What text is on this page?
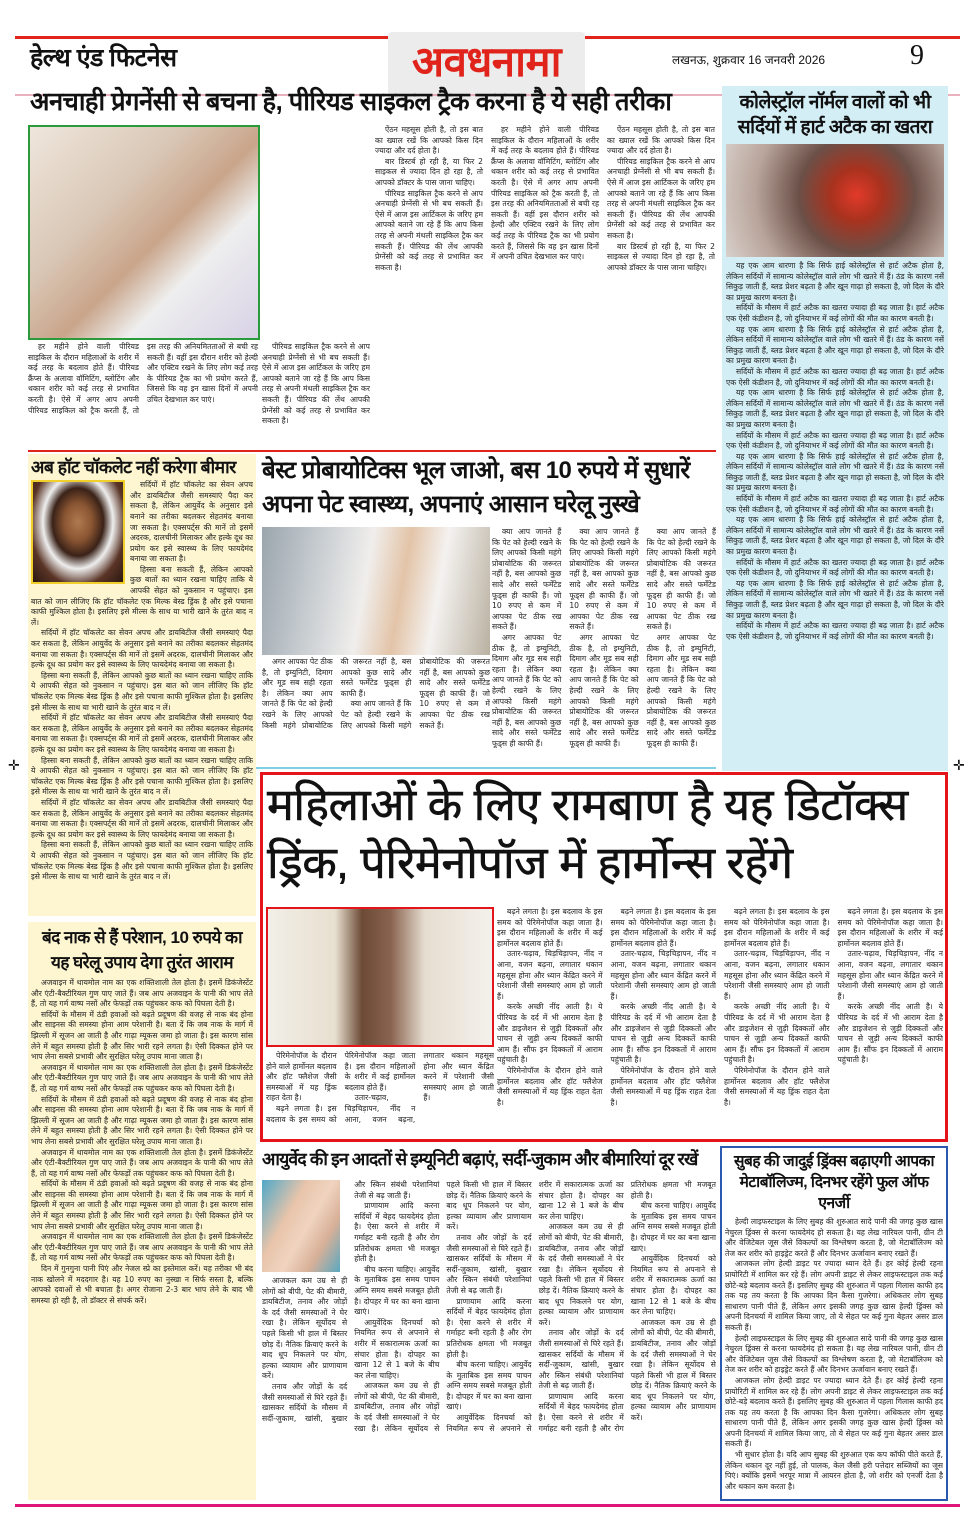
हेल्थ एंड फिटनेस	अवधनामा	लखनऊ, शुक्रवार 16 जनवरी 2026	9
अनचाही प्रेगनेंसी से बचना है, पीरियड साइकल ट्रैक करना है ये सही तरीका

ऐंठन महसूस होती है, तो इस बात का ख्याल रखें कि आपको किस दिन ज्यादा और दर्द होता है।

बार डिस्टर्ब हो रही है, या फिर 2 साइकल से ज्यादा दिन हो रहा है, तो आपको डॉक्टर के पास जाना चाहिए।

पीरियड साइकिल ट्रैक करने से आप अनचाही प्रेग्नेंसी से भी बच सकती हैं। ऐसे में आज इस आर्टिकल के जरिए हम आपको बताने जा रहे हैं कि आप किस तरह से अपनी मंथली साइकिल ट्रैक कर सकती हैं। पीरियड की लेंथ आपकी प्रेग्नेंसी को कई तरह से प्रभावित कर सकता है।

हर महीने होने वाली पीरियड साइकिल के दौरान महिलाओं के शरीर में कई तरह के बदलाव होते हैं। पीरियड क्रैंप्स के अलावा वॉमिटिंग, ब्लोटिंग और थकान शरीर को कई तरह से प्रभावित करती है। ऐसे में अगर आप अपनी पीरियड साइकिल को ट्रैक करती हैं, तो इस तरह की अनियमितताओं से बची रह सकती हैं। वहीं इस दौरान शरीर को हेल्दी और एक्टिव रखने के लिए लोग कई तरह के पीरियड ट्रैक का भी प्रयोग करते हैं, जिससे कि वह इन खास दिनों में अपनी उचित देखभाल कर पाएं।

ऐंठन महसूस होती है, तो इस बात का ख्याल रखें कि आपको किस दिन ज्यादा और दर्द होता है।

पीरियड साइकिल ट्रैक करने से आप अनचाही प्रेग्नेंसी से भी बच सकती हैं। ऐसे में आज इस आर्टिकल के जरिए हम आपको बताने जा रहे हैं कि आप किस तरह से अपनी मंथली साइकिल ट्रैक कर सकती हैं। पीरियड की लेंथ आपकी प्रेग्नेंसी को कई तरह से प्रभावित कर सकता है।

बार डिस्टर्ब हो रही है, या फिर 2 साइकल से ज्यादा दिन हो रहा है, तो आपको डॉक्टर के पास जाना चाहिए।

पीरियड साइकिल ट्रैक करने से आप अनचाही प्रेग्नेंसी से भी बच सकती हैं। ऐसे में आज इस आर्टिकल के जरिए हम आपको बताने जा रहे हैं कि आप किस तरह से अपनी मंथली साइकिल ट्रैक कर सकती हैं। पीरियड की लेंथ आपकी प्रेग्नेंसी को कई तरह से प्रभावित कर सकता है।

हर महीने होने वाली पीरियड साइकिल के दौरान महिलाओं के शरीर में कई तरह के बदलाव होते हैं। पीरियड क्रैंप्स के अलावा वॉमिटिंग, ब्लोटिंग और थकान शरीर को कई तरह से प्रभावित करती है। ऐसे में अगर आप अपनी पीरियड साइकिल को ट्रैक करती हैं, तो इस तरह की अनियमितताओं से बची रह सकती हैं। वहीं इस दौरान शरीर को हेल्दी और एक्टिव रखने के लिए लोग कई तरह के पीरियड ट्रैक का भी प्रयोग करते हैं, जिससे कि वह इन खास दिनों में अपनी उचित देखभाल कर पाएं।

कोलेस्ट्रॉल नॉर्मल वालों को भी सर्दियों में हार्ट अटैक का खतरा

यह एक आम धारणा है कि सिर्फ हाई कोलेस्ट्रॉल से हार्ट अटैक होता है, लेकिन सर्दियों में सामान्य कोलेस्ट्रॉल वाले लोग भी खतरे में हैं। ठंड के कारण नसें सिकुड़ जाती हैं, ब्लड प्रेशर बढ़ता है और खून गाढ़ा हो सकता है, जो दिल के दौरे का प्रमुख कारण बनता है।

सर्दियों के मौसम में हार्ट अटैक का खतरा ज्यादा ही बढ़ जाता है। हार्ट अटैक एक ऐसी कंडीशन है, जो दुनियाभर में कई लोगों की मौत का कारण बनती है।

यह एक आम धारणा है कि सिर्फ हाई कोलेस्ट्रॉल से हार्ट अटैक होता है, लेकिन सर्दियों में सामान्य कोलेस्ट्रॉल वाले लोग भी खतरे में हैं। ठंड के कारण नसें सिकुड़ जाती हैं, ब्लड प्रेशर बढ़ता है और खून गाढ़ा हो सकता है, जो दिल के दौरे का प्रमुख कारण बनता है।

सर्दियों के मौसम में हार्ट अटैक का खतरा ज्यादा ही बढ़ जाता है। हार्ट अटैक एक ऐसी कंडीशन है, जो दुनियाभर में कई लोगों की मौत का कारण बनती है।

यह एक आम धारणा है कि सिर्फ हाई कोलेस्ट्रॉल से हार्ट अटैक होता है, लेकिन सर्दियों में सामान्य कोलेस्ट्रॉल वाले लोग भी खतरे में हैं। ठंड के कारण नसें सिकुड़ जाती हैं, ब्लड प्रेशर बढ़ता है और खून गाढ़ा हो सकता है, जो दिल के दौरे का प्रमुख कारण बनता है।

सर्दियों के मौसम में हार्ट अटैक का खतरा ज्यादा ही बढ़ जाता है। हार्ट अटैक एक ऐसी कंडीशन है, जो दुनियाभर में कई लोगों की मौत का कारण बनती है।

यह एक आम धारणा है कि सिर्फ हाई कोलेस्ट्रॉल से हार्ट अटैक होता है, लेकिन सर्दियों में सामान्य कोलेस्ट्रॉल वाले लोग भी खतरे में हैं। ठंड के कारण नसें सिकुड़ जाती हैं, ब्लड प्रेशर बढ़ता है और खून गाढ़ा हो सकता है, जो दिल के दौरे का प्रमुख कारण बनता है।

सर्दियों के मौसम में हार्ट अटैक का खतरा ज्यादा ही बढ़ जाता है। हार्ट अटैक एक ऐसी कंडीशन है, जो दुनियाभर में कई लोगों की मौत का कारण बनती है।

यह एक आम धारणा है कि सिर्फ हाई कोलेस्ट्रॉल से हार्ट अटैक होता है, लेकिन सर्दियों में सामान्य कोलेस्ट्रॉल वाले लोग भी खतरे में हैं। ठंड के कारण नसें सिकुड़ जाती हैं, ब्लड प्रेशर बढ़ता है और खून गाढ़ा हो सकता है, जो दिल के दौरे का प्रमुख कारण बनता है।

सर्दियों के मौसम में हार्ट अटैक का खतरा ज्यादा ही बढ़ जाता है। हार्ट अटैक एक ऐसी कंडीशन है, जो दुनियाभर में कई लोगों की मौत का कारण बनती है।

यह एक आम धारणा है कि सिर्फ हाई कोलेस्ट्रॉल से हार्ट अटैक होता है, लेकिन सर्दियों में सामान्य कोलेस्ट्रॉल वाले लोग भी खतरे में हैं। ठंड के कारण नसें सिकुड़ जाती हैं, ब्लड प्रेशर बढ़ता है और खून गाढ़ा हो सकता है, जो दिल के दौरे का प्रमुख कारण बनता है।

सर्दियों के मौसम में हार्ट अटैक का खतरा ज्यादा ही बढ़ जाता है। हार्ट अटैक एक ऐसी कंडीशन है, जो दुनियाभर में कई लोगों की मौत का कारण बनती है।

अब हॉट चॉकलेट नहीं करेगा बीमार

सर्दियों में हॉट चॉकलेट का सेवन अपच और डायबिटीज जैसी समस्याएं पैदा कर सकता है, लेकिन आयुर्वेद के अनुसार इसे बनाने का तरीका बदलकर सेहतमंद बनाया जा सकता है। एक्सपर्ट्स की मानें तो इसमें अदरक, दालचीनी मिलाकर और हल्के दूध का प्रयोग कर इसे स्वास्थ्य के लिए फायदेमंद बनाया जा सकता है।

हिस्सा बना सकती हैं, लेकिन आपको कुछ बातों का ध्यान रखना चाहिए ताकि ये आपकी सेहत को नुकसान न पहुंचाए। इस बात को जान लीजिए कि हॉट चॉकलेट एक मिल्क बेस्ड ड्रिंक है और इसे पचाना काफी मुश्किल होता है। इसलिए इसे मील्स के साथ या भारी खाने के तुरंत बाद न लें।

सर्दियों में हॉट चॉकलेट का सेवन अपच और डायबिटीज जैसी समस्याएं पैदा कर सकता है, लेकिन आयुर्वेद के अनुसार इसे बनाने का तरीका बदलकर सेहतमंद बनाया जा सकता है। एक्सपर्ट्स की मानें तो इसमें अदरक, दालचीनी मिलाकर और हल्के दूध का प्रयोग कर इसे स्वास्थ्य के लिए फायदेमंद बनाया जा सकता है।

हिस्सा बना सकती हैं, लेकिन आपको कुछ बातों का ध्यान रखना चाहिए ताकि ये आपकी सेहत को नुकसान न पहुंचाए। इस बात को जान लीजिए कि हॉट चॉकलेट एक मिल्क बेस्ड ड्रिंक है और इसे पचाना काफी मुश्किल होता है। इसलिए इसे मील्स के साथ या भारी खाने के तुरंत बाद न लें।

सर्दियों में हॉट चॉकलेट का सेवन अपच और डायबिटीज जैसी समस्याएं पैदा कर सकता है, लेकिन आयुर्वेद के अनुसार इसे बनाने का तरीका बदलकर सेहतमंद बनाया जा सकता है। एक्सपर्ट्स की मानें तो इसमें अदरक, दालचीनी मिलाकर और हल्के दूध का प्रयोग कर इसे स्वास्थ्य के लिए फायदेमंद बनाया जा सकता है।

हिस्सा बना सकती हैं, लेकिन आपको कुछ बातों का ध्यान रखना चाहिए ताकि ये आपकी सेहत को नुकसान न पहुंचाए। इस बात को जान लीजिए कि हॉट चॉकलेट एक मिल्क बेस्ड ड्रिंक है और इसे पचाना काफी मुश्किल होता है। इसलिए इसे मील्स के साथ या भारी खाने के तुरंत बाद न लें।

सर्दियों में हॉट चॉकलेट का सेवन अपच और डायबिटीज जैसी समस्याएं पैदा कर सकता है, लेकिन आयुर्वेद के अनुसार इसे बनाने का तरीका बदलकर सेहतमंद बनाया जा सकता है। एक्सपर्ट्स की मानें तो इसमें अदरक, दालचीनी मिलाकर और हल्के दूध का प्रयोग कर इसे स्वास्थ्य के लिए फायदेमंद बनाया जा सकता है।

हिस्सा बना सकती हैं, लेकिन आपको कुछ बातों का ध्यान रखना चाहिए ताकि ये आपकी सेहत को नुकसान न पहुंचाए। इस बात को जान लीजिए कि हॉट चॉकलेट एक मिल्क बेस्ड ड्रिंक है और इसे पचाना काफी मुश्किल होता है। इसलिए इसे मील्स के साथ या भारी खाने के तुरंत बाद न लें।

बंद नाक से हैं परेशान, 10 रुपये का यह घरेलू उपाय देगा तुरंत आराम

अजवाइन में थायमोल नाम का एक शक्तिशाली तेल होता है। इसमें डिकंजेस्टेंट और एंटी-बैक्टीरियल गुण पाए जाते हैं। जब आप अजवाइन के पानी की भाप लेते हैं, तो यह गर्म वाष्प नसों और फेफड़ों तक पहुंचकर कफ को पिघला देती है।

सर्दियों के मौसम में ठंडी हवाओं को बढ़ते प्रदूषण की वजह से नाक बंद होना और साइनस की समस्या होना आम परेशानी है। बता दें कि जब नाक के मार्ग में झिल्ली में सूजन आ जाती है और गाढ़ा म्यूकस जमा हो जाता है। इस कारण सांस लेने में बहुत समस्या होती है और सिर भारी रहने लगता है। ऐसी दिक्कत होने पर भाप लेना सबसे प्रभावी और सुरक्षित घरेलू उपाय माना जाता है।

अजवाइन में थायमोल नाम का एक शक्तिशाली तेल होता है। इसमें डिकंजेस्टेंट और एंटी-बैक्टीरियल गुण पाए जाते हैं। जब आप अजवाइन के पानी की भाप लेते हैं, तो यह गर्म वाष्प नसों और फेफड़ों तक पहुंचकर कफ को पिघला देती है।

सर्दियों के मौसम में ठंडी हवाओं को बढ़ते प्रदूषण की वजह से नाक बंद होना और साइनस की समस्या होना आम परेशानी है। बता दें कि जब नाक के मार्ग में झिल्ली में सूजन आ जाती है और गाढ़ा म्यूकस जमा हो जाता है। इस कारण सांस लेने में बहुत समस्या होती है और सिर भारी रहने लगता है। ऐसी दिक्कत होने पर भाप लेना सबसे प्रभावी और सुरक्षित घरेलू उपाय माना जाता है।

अजवाइन में थायमोल नाम का एक शक्तिशाली तेल होता है। इसमें डिकंजेस्टेंट और एंटी-बैक्टीरियल गुण पाए जाते हैं। जब आप अजवाइन के पानी की भाप लेते हैं, तो यह गर्म वाष्प नसों और फेफड़ों तक पहुंचकर कफ को पिघला देती है।

सर्दियों के मौसम में ठंडी हवाओं को बढ़ते प्रदूषण की वजह से नाक बंद होना और साइनस की समस्या होना आम परेशानी है। बता दें कि जब नाक के मार्ग में झिल्ली में सूजन आ जाती है और गाढ़ा म्यूकस जमा हो जाता है। इस कारण सांस लेने में बहुत समस्या होती है और सिर भारी रहने लगता है। ऐसी दिक्कत होने पर भाप लेना सबसे प्रभावी और सुरक्षित घरेलू उपाय माना जाता है।

अजवाइन में थायमोल नाम का एक शक्तिशाली तेल होता है। इसमें डिकंजेस्टेंट और एंटी-बैक्टीरियल गुण पाए जाते हैं। जब आप अजवाइन के पानी की भाप लेते हैं, तो यह गर्म वाष्प नसों और फेफड़ों तक पहुंचकर कफ को पिघला देती है।

दिन में गुनगुना पानी पिएं और नेजल स्प्रे का इस्तेमाल करें। यह तरीका भी बंद नाक खोलने में मददगार है। यह 10 रुपए का नुस्खा न सिर्फ सस्ता है, बल्कि आपको दवाओं से भी बचाता है। अगर रोजाना 2-3 बार भाप लेने के बाद भी समस्या हो रही है, तो डॉक्टर से संपर्क करें।

बेस्ट प्रोबायोटिक्स भूल जाओ, बस 10 रुपये में सुधारें अपना पेट स्वास्थ्य, अपनाएं आसान घरेलू नुस्खे

क्या आप जानते हैं कि पेट को हेल्दी रखने के लिए आपको किसी महंगे प्रोबायोटिक की जरूरत नहीं है, बस आपको कुछ सादे और सस्ते फर्मेंटेड फूड्स ही काफी हैं। जो 10 रुपए से कम में आपका पेट ठीक रख सकते हैं।

अगर आपका पेट ठीक है, तो इम्युनिटी, दिमाग और मूड सब सही रहता है। लेकिन क्या आप जानते हैं कि पेट को हेल्दी रखने के लिए आपको किसी महंगे प्रोबायोटिक की जरूरत नहीं है, बस आपको कुछ सादे और सस्ते फर्मेंटेड फूड्स ही काफी हैं।

क्या आप जानते हैं कि पेट को हेल्दी रखने के लिए आपको किसी महंगे प्रोबायोटिक की जरूरत नहीं है, बस आपको कुछ सादे और सस्ते फर्मेंटेड फूड्स ही काफी हैं। जो 10 रुपए से कम में आपका पेट ठीक रख सकते हैं।

अगर आपका पेट ठीक है, तो इम्युनिटी, दिमाग और मूड सब सही रहता है। लेकिन क्या आप जानते हैं कि पेट को हेल्दी रखने के लिए आपको किसी महंगे प्रोबायोटिक की जरूरत नहीं है, बस आपको कुछ सादे और सस्ते फर्मेंटेड फूड्स ही काफी हैं।

क्या आप जानते हैं कि पेट को हेल्दी रखने के लिए आपको किसी महंगे प्रोबायोटिक की जरूरत नहीं है, बस आपको कुछ सादे और सस्ते फर्मेंटेड फूड्स ही काफी हैं। जो 10 रुपए से कम में आपका पेट ठीक रख सकते हैं।

अगर आपका पेट ठीक है, तो इम्युनिटी, दिमाग और मूड सब सही रहता है। लेकिन क्या आप जानते हैं कि पेट को हेल्दी रखने के लिए आपको किसी महंगे प्रोबायोटिक की जरूरत नहीं है, बस आपको कुछ सादे और सस्ते फर्मेंटेड फूड्स ही काफी हैं।

अगर आपका पेट ठीक है, तो इम्युनिटी, दिमाग और मूड सब सही रहता है। लेकिन क्या आप जानते हैं कि पेट को हेल्दी रखने के लिए आपको किसी महंगे प्रोबायोटिक की जरूरत नहीं है, बस आपको कुछ सादे और सस्ते फर्मेंटेड फूड्स ही काफी हैं।

क्या आप जानते हैं कि पेट को हेल्दी रखने के लिए आपको किसी महंगे प्रोबायोटिक की जरूरत नहीं है, बस आपको कुछ सादे और सस्ते फर्मेंटेड फूड्स ही काफी हैं। जो 10 रुपए से कम में आपका पेट ठीक रख सकते हैं।

✛	✛
महिलाओं के लिए रामबाण है यह डिटॉक्स
ड्रिंक, पेरिमेनोपॉज में हार्मोन्स रहेंगे

बढ़ने लगता है। इस बदलाव के इस समय को पेरिमेनोपॉज कहा जाता है। इस दौरान महिलाओं के शरीर में कई हार्मोनल बदलाव होते हैं।

उतार-चढ़ाव, चिड़चिड़ापन, नींद न आना, वजन बढ़ना, लगातार थकान महसूस होना और ध्यान केंद्रित करने में परेशानी जैसी समस्याएं आम हो जाती हैं।

करके अच्छी नींद आती है। ये पीरियड के दर्द में भी आराम देता है और डाइजेशन से जुड़ी दिक्कतों और पाचन से जुड़ी अन्य दिक्कतें काफी आम हैं। सौंफ इन दिक्कतों में आराम पहुंचाती है।

पेरिमेनोपॉज के दौरान होने वाले हार्मोनल बदलाव और हॉट फ्लैशेज जैसी समस्याओं में यह ड्रिंक राहत देता है।

बढ़ने लगता है। इस बदलाव के इस समय को पेरिमेनोपॉज कहा जाता है। इस दौरान महिलाओं के शरीर में कई हार्मोनल बदलाव होते हैं।

उतार-चढ़ाव, चिड़चिड़ापन, नींद न आना, वजन बढ़ना, लगातार थकान महसूस होना और ध्यान केंद्रित करने में परेशानी जैसी समस्याएं आम हो जाती हैं।

करके अच्छी नींद आती है। ये पीरियड के दर्द में भी आराम देता है और डाइजेशन से जुड़ी दिक्कतों और पाचन से जुड़ी अन्य दिक्कतें काफी आम हैं। सौंफ इन दिक्कतों में आराम पहुंचाती है।

पेरिमेनोपॉज के दौरान होने वाले हार्मोनल बदलाव और हॉट फ्लैशेज जैसी समस्याओं में यह ड्रिंक राहत देता है।

बढ़ने लगता है। इस बदलाव के इस समय को पेरिमेनोपॉज कहा जाता है। इस दौरान महिलाओं के शरीर में कई हार्मोनल बदलाव होते हैं।

उतार-चढ़ाव, चिड़चिड़ापन, नींद न आना, वजन बढ़ना, लगातार थकान महसूस होना और ध्यान केंद्रित करने में परेशानी जैसी समस्याएं आम हो जाती हैं।

करके अच्छी नींद आती है। ये पीरियड के दर्द में भी आराम देता है और डाइजेशन से जुड़ी दिक्कतों और पाचन से जुड़ी अन्य दिक्कतें काफी आम हैं। सौंफ इन दिक्कतों में आराम पहुंचाती है।

पेरिमेनोपॉज के दौरान होने वाले हार्मोनल बदलाव और हॉट फ्लैशेज जैसी समस्याओं में यह ड्रिंक राहत देता है।

बढ़ने लगता है। इस बदलाव के इस समय को पेरिमेनोपॉज कहा जाता है। इस दौरान महिलाओं के शरीर में कई हार्मोनल बदलाव होते हैं।

उतार-चढ़ाव, चिड़चिड़ापन, नींद न आना, वजन बढ़ना, लगातार थकान महसूस होना और ध्यान केंद्रित करने में परेशानी जैसी समस्याएं आम हो जाती हैं।

करके अच्छी नींद आती है। ये पीरियड के दर्द में भी आराम देता है और डाइजेशन से जुड़ी दिक्कतों और पाचन से जुड़ी अन्य दिक्कतें काफी आम हैं। सौंफ इन दिक्कतों में आराम पहुंचाती है।

पेरिमेनोपॉज के दौरान होने वाले हार्मोनल बदलाव और हॉट फ्लैशेज जैसी समस्याओं में यह ड्रिंक राहत देता है।

बढ़ने लगता है। इस बदलाव के इस समय को पेरिमेनोपॉज कहा जाता है। इस दौरान महिलाओं के शरीर में कई हार्मोनल बदलाव होते हैं।

उतार-चढ़ाव, चिड़चिड़ापन, नींद न आना, वजन बढ़ना, लगातार थकान महसूस होना और ध्यान केंद्रित करने में परेशानी जैसी समस्याएं आम हो जाती हैं।

आयुर्वेद की इन आदतों से इम्यूनिटी बढ़ाएं, सर्दी-जुकाम और बीमारियां दूर रखें

आजकल कम उम्र से ही लोगों को बीपी, पेट की बीमारी, डायबिटीज, तनाव और जोड़ों के दर्द जैसी समस्याओं ने घेर रखा है। लेकिन सूर्योदय से पहले किसी भी हाल में बिस्तर छोड़ दें। नैतिक क्रियाएं करने के बाद धूप निकलने पर योग, हल्का व्यायाम और प्राणायाम करें।

तनाव और जोड़ों के दर्द जैसी समस्याओं से घिरे रहते हैं। खासकर सर्दियों के मौसम में सर्दी-जुकाम, खांसी, बुखार और स्किन संबंधी परेशानियां तेजी से बढ़ जाती हैं।

प्राणायाम आदि करना सर्दियों में बेहद फायदेमंद होता है। ऐसा करने से शरीर में गर्माहट बनी रहती है और रोग प्रतिरोधक क्षमता भी मजबूत होती है।

बीच करना चाहिए। आयुर्वेद के मुताबिक इस समय पाचन अग्नि समय सबसे मजबूत होती है। दोपहर में घर का बना खाना खाएं।

आयुर्वेदिक दिनचर्या को नियमित रूप से अपनाने से शरीर में सकारात्मक ऊर्जा का संचार होता है। दोपहर का खाना 12 से 1 बजे के बीच कर लेना चाहिए।

आजकल कम उम्र से ही लोगों को बीपी, पेट की बीमारी, डायबिटीज, तनाव और जोड़ों के दर्द जैसी समस्याओं ने घेर रखा है। लेकिन सूर्योदय से पहले किसी भी हाल में बिस्तर छोड़ दें। नैतिक क्रियाएं करने के बाद धूप निकलने पर योग, हल्का व्यायाम और प्राणायाम करें।

तनाव और जोड़ों के दर्द जैसी समस्याओं से घिरे रहते हैं। खासकर सर्दियों के मौसम में सर्दी-जुकाम, खांसी, बुखार और स्किन संबंधी परेशानियां तेजी से बढ़ जाती हैं।

प्राणायाम आदि करना सर्दियों में बेहद फायदेमंद होता है। ऐसा करने से शरीर में गर्माहट बनी रहती है और रोग प्रतिरोधक क्षमता भी मजबूत होती है।

बीच करना चाहिए। आयुर्वेद के मुताबिक इस समय पाचन अग्नि समय सबसे मजबूत होती है। दोपहर में घर का बना खाना खाएं।

आयुर्वेदिक दिनचर्या को नियमित रूप से अपनाने से शरीर में सकारात्मक ऊर्जा का संचार होता है। दोपहर का खाना 12 से 1 बजे के बीच कर लेना चाहिए।

आजकल कम उम्र से ही लोगों को बीपी, पेट की बीमारी, डायबिटीज, तनाव और जोड़ों के दर्द जैसी समस्याओं ने घेर रखा है। लेकिन सूर्योदय से पहले किसी भी हाल में बिस्तर छोड़ दें। नैतिक क्रियाएं करने के बाद धूप निकलने पर योग, हल्का व्यायाम और प्राणायाम करें।

तनाव और जोड़ों के दर्द जैसी समस्याओं से घिरे रहते हैं। खासकर सर्दियों के मौसम में सर्दी-जुकाम, खांसी, बुखार और स्किन संबंधी परेशानियां तेजी से बढ़ जाती हैं।

प्राणायाम आदि करना सर्दियों में बेहद फायदेमंद होता है। ऐसा करने से शरीर में गर्माहट बनी रहती है और रोग प्रतिरोधक क्षमता भी मजबूत होती है।

बीच करना चाहिए। आयुर्वेद के मुताबिक इस समय पाचन अग्नि समय सबसे मजबूत होती है। दोपहर में घर का बना खाना खाएं।

आयुर्वेदिक दिनचर्या को नियमित रूप से अपनाने से शरीर में सकारात्मक ऊर्जा का संचार होता है। दोपहर का खाना 12 से 1 बजे के बीच कर लेना चाहिए।

आजकल कम उम्र से ही लोगों को बीपी, पेट की बीमारी, डायबिटीज, तनाव और जोड़ों के दर्द जैसी समस्याओं ने घेर रखा है। लेकिन सूर्योदय से पहले किसी भी हाल में बिस्तर छोड़ दें। नैतिक क्रियाएं करने के बाद धूप निकलने पर योग, हल्का व्यायाम और प्राणायाम करें।

सुबह की जादुई ड्रिंक्स बढ़ाएगी आपका मेटाबॉलिज्म, दिनभर रहेंगे फुल ऑफ एनर्जी

हेल्दी लाइफस्टाइल के लिए सुबह की शुरुआत सादे पानी की जगह कुछ खास नेचुरल ड्रिंक्स से करना फायदेमंद हो सकता है। यह लेख नारियल पानी, ग्रीन टी और वेजिटेबल जूस जैसे विकल्पों का विश्लेषण करता है, जो मेटाबॉलिज्म को तेज कर शरीर को हाइड्रेट करते हैं और दिनभर ऊर्जावान बनाए रखते हैं।

आजकल लोग हेल्दी डाइट पर ज्यादा ध्यान देते हैं। हर कोई हेल्दी रहना प्रायोरिटी में शामिल कर रहे हैं। लोग अपनी डाइट से लेकर लाइफस्टाइल तक कई छोटे-बड़े बदलाव करते हैं। इसलिए सुबह की शुरुआत में पहला गिलास काफी हद तक यह तय करता है कि आपका दिन कैसा गुजरेगा। अधिकतर लोग सुबह साधारण पानी पीते हैं, लेकिन अगर इसकी जगह कुछ खास हेल्दी ड्रिंक्स को अपनी दिनचर्या में शामिल किया जाए, तो ये सेहत पर कई गुना बेहतर असर डाल सकती हैं।

हेल्दी लाइफस्टाइल के लिए सुबह की शुरुआत सादे पानी की जगह कुछ खास नेचुरल ड्रिंक्स से करना फायदेमंद हो सकता है। यह लेख नारियल पानी, ग्रीन टी और वेजिटेबल जूस जैसे विकल्पों का विश्लेषण करता है, जो मेटाबॉलिज्म को तेज कर शरीर को हाइड्रेट करते हैं और दिनभर ऊर्जावान बनाए रखते हैं।

आजकल लोग हेल्दी डाइट पर ज्यादा ध्यान देते हैं। हर कोई हेल्दी रहना प्रायोरिटी में शामिल कर रहे हैं। लोग अपनी डाइट से लेकर लाइफस्टाइल तक कई छोटे-बड़े बदलाव करते हैं। इसलिए सुबह की शुरुआत में पहला गिलास काफी हद तक यह तय करता है कि आपका दिन कैसा गुजरेगा। अधिकतर लोग सुबह साधारण पानी पीते हैं, लेकिन अगर इसकी जगह कुछ खास हेल्दी ड्रिंक्स को अपनी दिनचर्या में शामिल किया जाए, तो ये सेहत पर कई गुना बेहतर असर डाल सकती हैं।

भी सुधार होता है। यदि आप सुबह की शुरुआत एक कप कॉफी पीते करते हैं, लेकिन थकान दूर नहीं हुई, तो पालक, केल जैसी हरी पत्तेदार सब्जियों का जूस पिएं। क्योंकि इसमें भरपूर मात्रा में आयरन होता है, जो शरीर को एनर्जी देता है और थकान कम करता है।
